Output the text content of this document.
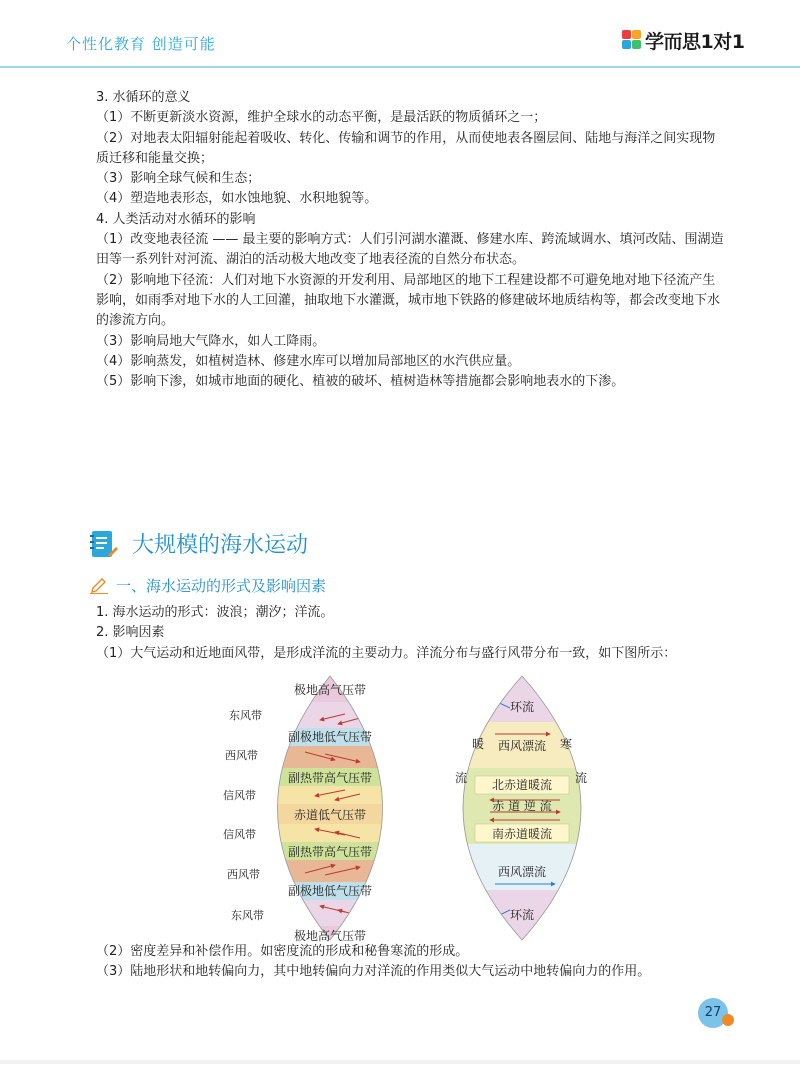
个性化教育 创造可能	学而思1对1

3. 水循环的意义

（1）不断更新淡水资源，维护全球水的动态平衡，是最活跃的物质循环之一；

（2）对地表太阳辐射能起着吸收、转化、传输和调节的作用，从而使地表各圈层间、陆地与海洋之间实现物质迁移和能量交换；

（3）影响全球气候和生态；

（4）塑造地表形态，如水蚀地貌、水积地貌等。

4. 人类活动对水循环的影响

（1）改变地表径流 —— 最主要的影响方式：人们引河湖水灌溉、修建水库、跨流域调水、填河改陆、围湖造田等一系列针对河流、湖泊的活动极大地改变了地表径流的自然分布状态。

（2）影响地下径流：人们对地下水资源的开发利用、局部地区的地下工程建设都不可避免地对地下径流产生影响，如雨季对地下水的人工回灌，抽取地下水灌溉，城市地下铁路的修建破坏地质结构等，都会改变地下水的渗流方向。

（3）影响局地大气降水，如人工降雨。

（4）影响蒸发，如植树造林、修建水库可以增加局部地区的水汽供应量。

（5）影响下渗，如城市地面的硬化、植被的破坏、植树造林等措施都会影响地表水的下渗。

大规模的海水运动
一、海水运动的形式及影响因素

1. 海水运动的形式：波浪；潮汐；洋流。

2. 影响因素

（1）大气运动和近地面风带，是形成洋流的主要动力。洋流分布与盛行风带分布一致，如下图所示：

极地高气压带
副极地低气压带
副热带高气压带
赤道低气压带
副热带高气压带
副极地低气压带
极地高气压带
东风带
西风带
信风带
信风带
西风带
东风带
环流
西风漂流
暖	寒
流	流
北赤道暖流
赤 道 逆 流
南赤道暖流
西风漂流
环流

（2）密度差异和补偿作用。如密度流的形成和秘鲁寒流的形成。

（3）陆地形状和地转偏向力，其中地转偏向力对洋流的作用类似大气运动中地转偏向力的作用。

27
